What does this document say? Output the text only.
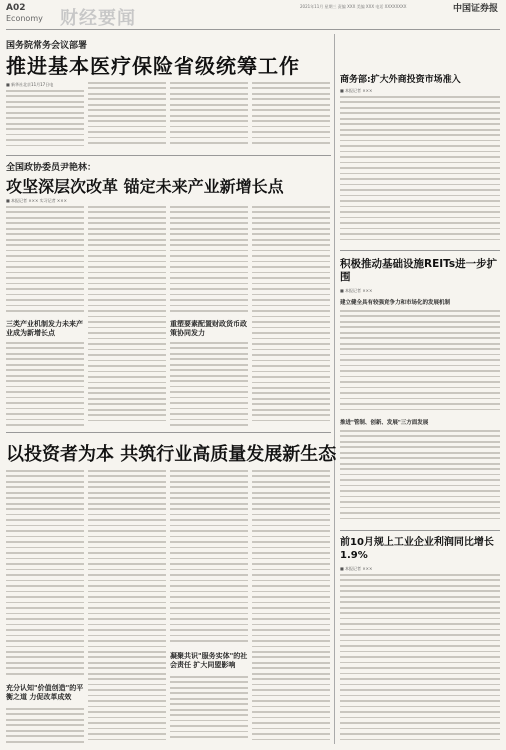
A02
Economy 财经要闻
2021年11月 星期三 责编 XXX 美编 XXX 电话 XXXXXXXX	中国证券报
国务院常务会议部署
推进基本医疗保险省级统筹工作
■ 新华社北京11月17日电
全国政协委员尹艳林：
攻坚深层次改革 锚定未来产业新增长点
■ 本报记者 ××× 实习记者 ×××
三类产业机制发力未来产业成为新增长点
重塑要素配置财政货币政策协同发力
商务部:扩大外商投资市场准入
■ 本报记者 ×××
积极推动基础设施REITs进一步扩围
■ 本报记者 ×××
建立健全具有较强竞争力和市场化的发展机制
推进"管制、创新、发展"三方面发展
以投资者为本 共筑行业高质量发展新生态
充分认知"价值创造"的平衡之道 力促改革成效
凝聚共识"服务实体"的社会责任 扩大同盟影响
前10月规上工业企业利润同比增长1.9%
■ 本报记者 ×××
